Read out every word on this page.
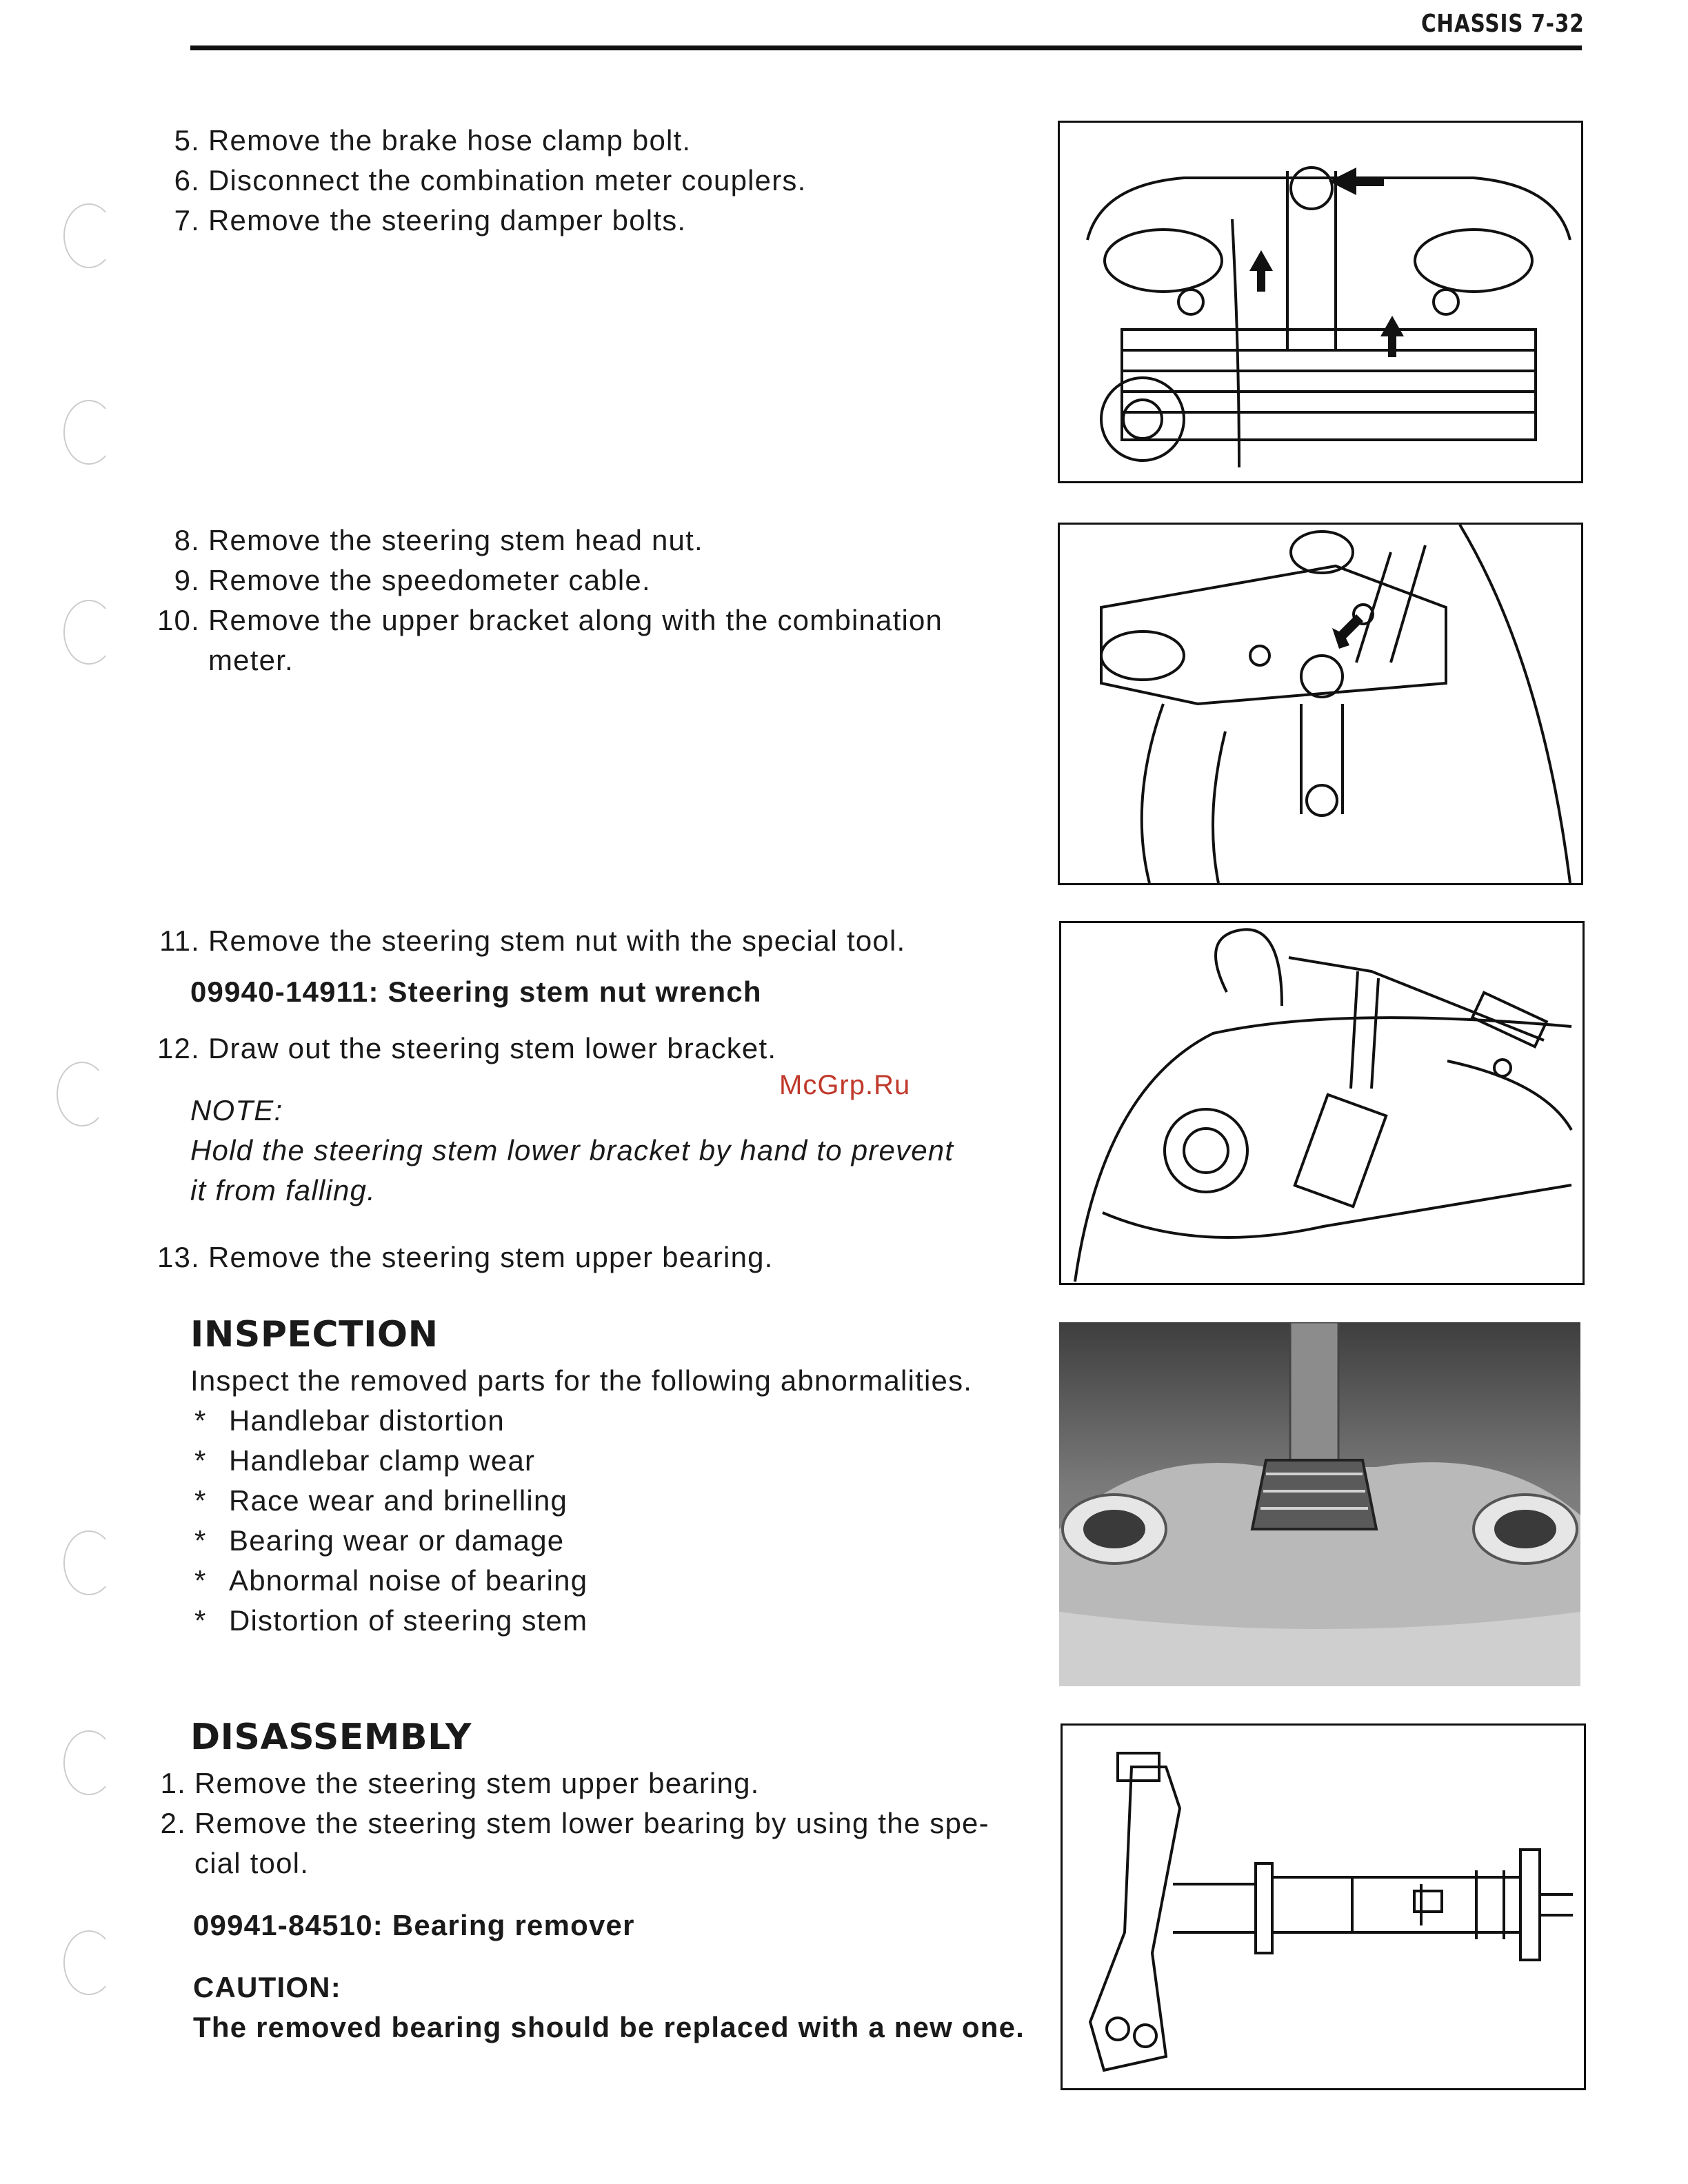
CHASSIS 7-32
5. Remove the brake hose clamp bolt.
6. Disconnect the combination meter couplers.
7. Remove the steering damper bolts.
8. Remove the steering stem head nut.
9. Remove the speedometer cable.
10. Remove the upper bracket along with the combination
meter.
11. Remove the steering stem nut with the special tool.
09940-14911: Steering stem nut wrench
12. Draw out the steering stem lower bracket.
NOTE:
Hold the steering stem lower bracket by hand to prevent
it from falling.
13. Remove the steering stem upper bearing.
McGrp.Ru
INSPECTION
Inspect the removed parts for the following abnormalities.
* Handlebar distortion
* Handlebar clamp wear
* Race wear and brinelling
* Bearing wear or damage
* Abnormal noise of bearing
* Distortion of steering stem
DISASSEMBLY
1. Remove the steering stem upper bearing.
2. Remove the steering stem lower bearing by using the spe-
cial tool.
09941-84510: Bearing remover
CAUTION:
The removed bearing should be replaced with a new one.
